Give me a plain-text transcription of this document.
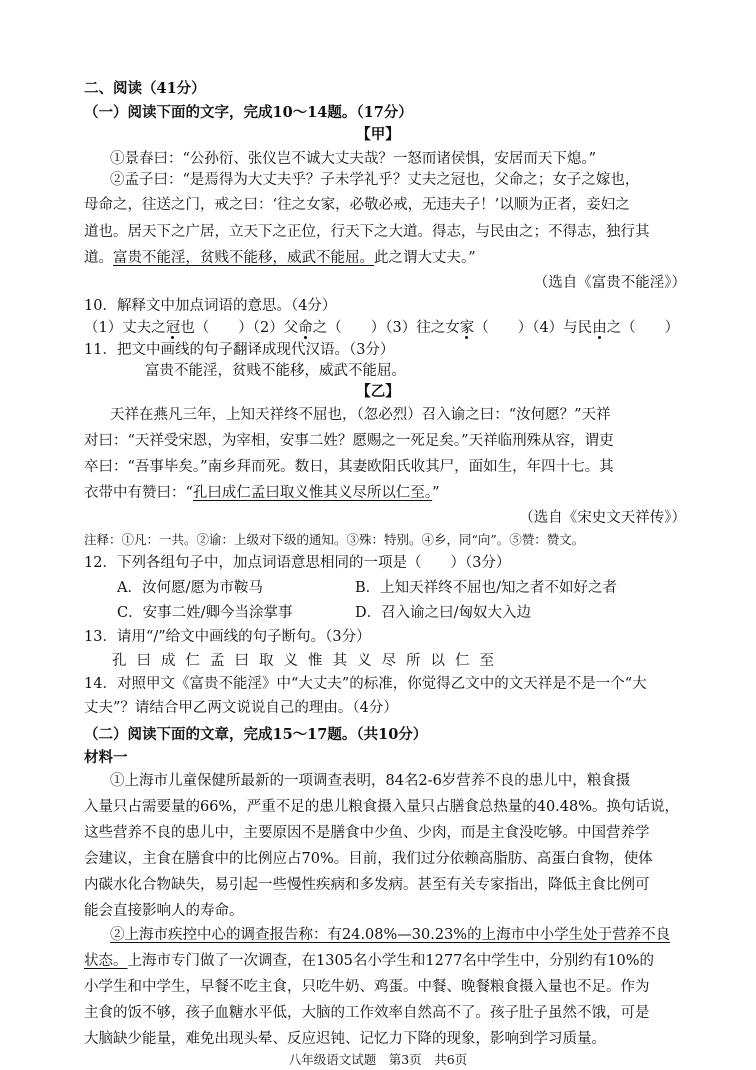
二、阅读（41分）
（一）阅读下面的文字，完成10～14题。（17分）
【甲】
①景春曰：“公孙衍、张仪岂不诚大丈夫哉？一怒而诸侯惧，安居而天下熄。”
②孟子曰：“是焉得为大丈夫乎？子未学礼乎？丈夫之冠也，父命之；女子之嫁也，
母命之，往送之门，戒之曰：‘往之女家，必敬必戒，无违夫子！’以顺为正者，妾妇之
道也。居天下之广居，立天下之正位，行天下之大道。得志，与民由之；不得志，独行其
道。富贵不能淫，贫贱不能移，威武不能屈。此之谓大丈夫。”
（选自《富贵不能淫》）
10．解释文中加点词语的意思。（4分）
（1）丈夫之冠也（　　）（2）父命之（　　）（3）往之女家（　　）（4）与民由之（　　）
11．把文中画线的句子翻译成现代汉语。（3分）
富贵不能淫，贫贱不能移，威武不能屈。
【乙】
天祥在燕凡三年，上知天祥终不屈也，（忽必烈）召入谕之曰：“汝何愿？”天祥
对曰：“天祥受宋恩，为宰相，安事二姓？愿赐之一死足矣。”天祥临刑殊从容，谓吏
卒曰：“吾事毕矣。”南乡拜而死。数日，其妻欧阳氏收其尸，面如生，年四十七。其
衣带中有赞曰：“孔曰成仁孟曰取义惟其义尽所以仁至。”
（选自《宋史文天祥传》）
注释：①凡：一共。②谕：上级对下级的通知。③殊：特别。④乡，同“向”。⑤赞：赞文。
12．下列各组句子中，加点词语意思相同的一项是（　　）（3分）
A．汝何愿/愿为市鞍马	B．上知天祥终不屈也/知之者不如好之者
C．安事二姓/卿今当涂掌事	D．召入谕之曰/匈奴大入边
13．请用“/”给文中画线的句子断句。（3分）
孔曰成仁孟曰取义惟其义尽所以仁至
14．对照甲文《富贵不能淫》中“大丈夫”的标准，你觉得乙文中的文天祥是不是一个“大
丈夫”？请结合甲乙两文说说自己的理由。（4分）
（二）阅读下面的文章，完成15～17题。（共10分）
材料一
①上海市儿童保健所最新的一项调查表明，84名2-6岁营养不良的患儿中，粮食摄
入量只占需要量的66%，严重不足的患儿粮食摄入量只占膳食总热量的40.48%。换句话说，
这些营养不良的患儿中，主要原因不是膳食中少鱼、少肉，而是主食没吃够。中国营养学
会建议，主食在膳食中的比例应占70%。目前，我们过分依赖高脂肪、高蛋白食物，使体
内碳水化合物缺失，易引起一些慢性疾病和多发病。甚至有关专家指出，降低主食比例可
能会直接影响人的寿命。
②上海市疾控中心的调查报告称：有24.08%—30.23%的上海市中小学生处于营养不良
状态。上海市专门做了一次调查，在1305名小学生和1277名中学生中，分别约有10%的
小学生和中学生，早餐不吃主食，只吃牛奶、鸡蛋。中餐、晚餐粮食摄入量也不足。作为
主食的饭不够，孩子血糖水平低，大脑的工作效率自然高不了。孩子肚子虽然不饿，可是
大脑缺少能量，难免出现头晕、反应迟钝、记忆力下降的现象，影响到学习质量。
八年级语文试题　第3页　共6页
